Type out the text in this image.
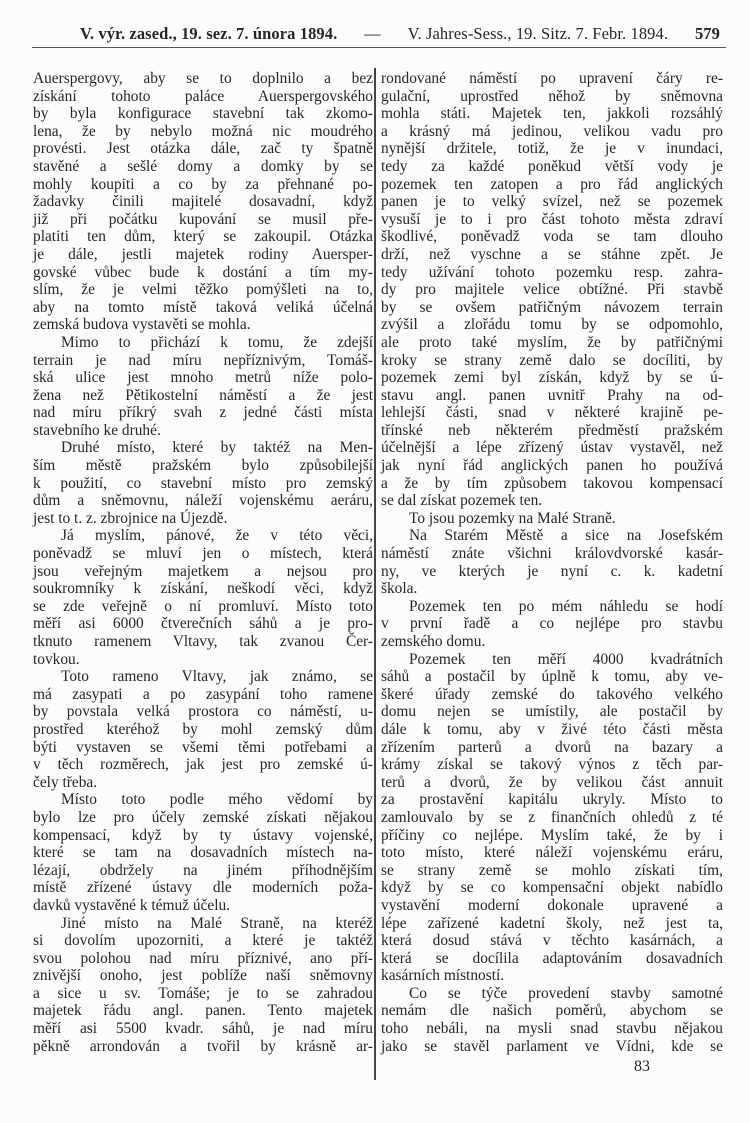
V. výr. zased., 19. sez. 7. února 1894. — V. Jahres-Sess., 19. Sitz. 7. Febr. 1894. 579
Auerspergovy, aby se to doplnilo a bez
získání tohoto paláce Auerspergovského
by byla konfigurace stavební tak zkomo-
lena, že by nebylo možná nic moudrého
provésti. Jest otázka dále, zač ty špatně
stavěné a sešlé domy a domky by se
mohly koupiti a co by za přehnané po-
žadavky činili majitelé dosavadní, když
již při počátku kupování se musil pře-
platiti ten dům, který se zakoupil. Otázka
je dále, jestli majetek rodiny Auersper-
govské vůbec bude k dostání a tím my-
slím, že je velmi těžko pomýšleti na to,
aby na tomto místě taková veliká účelná
zemská budova vystavěti se mohla.
Mimo to přichází k tomu, že zdejší
terrain je nad míru nepříznivým, Tomáš-
ská ulice jest mnoho metrů níže polo-
žena než Pětikostelní náměstí a že jest
nad míru příkrý svah z jedné části místa
stavebního ke druhé.
Druhé místo, které by taktéž na Men-
ším městě pražském bylo způsobilejší
k použití, co stavební místo pro zemský
dům a sněmovnu, náleží vojenskému aeráru,
jest to t. z. zbrojnice na Újezdě.
Já myslím, pánové, že v této věci,
poněvadž se mluví jen o místech, která
jsou veřejným majetkem a nejsou pro
soukromníky k získání, neškodí věci, když
se zde veřejně o ní promluví. Místo toto
měří asi 6000 čtverečních sáhů a je pro-
tknuto ramenem Vltavy, tak zvanou Čer-
tovkou.
Toto rameno Vltavy, jak známo, se
má zasypati a po zasypání toho ramene
by povstala velká prostora co náměstí, u-
prostřed kteréhož by mohl zemský dům
býti vystaven se všemi těmi potřebami a
v těch rozměrech, jak jest pro zemské ú-
čely třeba.
Místo toto podle mého vědomí by
bylo lze pro účely zemské získati nějakou
kompensací, když by ty ústavy vojenské,
které se tam na dosavadních místech na-
lézají, obdržely na jiném příhodnějším
místě zřízené ústavy dle moderních poža-
davků vystavěné k témuž účelu.
Jiné místo na Malé Straně, na kteréž
si dovolím upozorniti, a které je taktéž
svou polohou nad míru příznivé, ano pří-
znivější onoho, jest poblíže naší sněmovny
a sice u sv. Tomáše; je to se zahradou
majetek řádu angl. panen. Tento majetek
měří asi 5500 kvadr. sáhů, je nad míru
pěkně arrondován a tvořil by krásně ar-
rondované náměstí po upravení čáry re-
gulační, uprostřed něhož by sněmovna
mohla státi. Majetek ten, jakkoli rozsáhlý
a krásný má jedinou, velikou vadu pro
nynější držitele, totiž, že je v inundaci,
tedy za každé poněkud větší vody je
pozemek ten zatopen a pro řád anglických
panen je to velký svízel, než se pozemek
vysuší je to i pro část tohoto města zdraví
škodlivé, poněvadž voda se tam dlouho
drží, než vyschne a se stáhne zpět. Je
tedy užívání tohoto pozemku resp. zahra-
dy pro majitele velice obtížné. Při stavbě
by se ovšem patřičným návozem terrain
zvýšil a zlořádu tomu by se odpomohlo,
ale proto také myslím, že by patřičnými
kroky se strany země dalo se docíliti, by
pozemek zemi byl získán, když by se ú-
stavu angl. panen uvnitř Prahy na od-
lehlejší části, snad v některé krajině pe-
třínské neb některém předměstí pražském
účelnější a lépe zřízený ústav vystavěl, než
jak nyní řád anglických panen ho používá
a že by tím způsobem takovou kompensací
se dal získat pozemek ten.
To jsou pozemky na Malé Straně.
Na Starém Městě a sice na Josefském
náměstí znáte všichni královdvorské kasár-
ny, ve kterých je nyní c. k. kadetní
škola.
Pozemek ten po mém náhledu se hodí
v první řadě a co nejlépe pro stavbu
zemského domu.
Pozemek ten měří 4000 kvadrátních
sáhů a postačil by úplně k tomu, aby ve-
škeré úřady zemské do takového velkého
domu nejen se umístily, ale postačil by
dále k tomu, aby v živé této části města
zřízením parterů a dvorů na bazary a
krámy získal se takový výnos z těch par-
terů a dvorů, že by velikou část annuit
za prostavění kapitálu ukryly. Místo to
zamlouvalo by se z finančních ohledů z té
příčiny co nejlépe. Myslím také, že by i
toto místo, které náleží vojenskému eráru,
se strany země se mohlo získati tím,
když by se co kompensační objekt nabídlo
vystavění moderní dokonale upravené a
lépe zařízené kadetní školy, než jest ta,
která dosud stává v těchto kasárnách, a
která se docílila adaptováním dosavadních
kasárních místností.
Co se týče provedení stavby samotné
nemám dle našich poměrů, abychom se
toho nebáli, na mysli snad stavbu nějakou
jako se stavěl parlament ve Vídni, kde se
83
